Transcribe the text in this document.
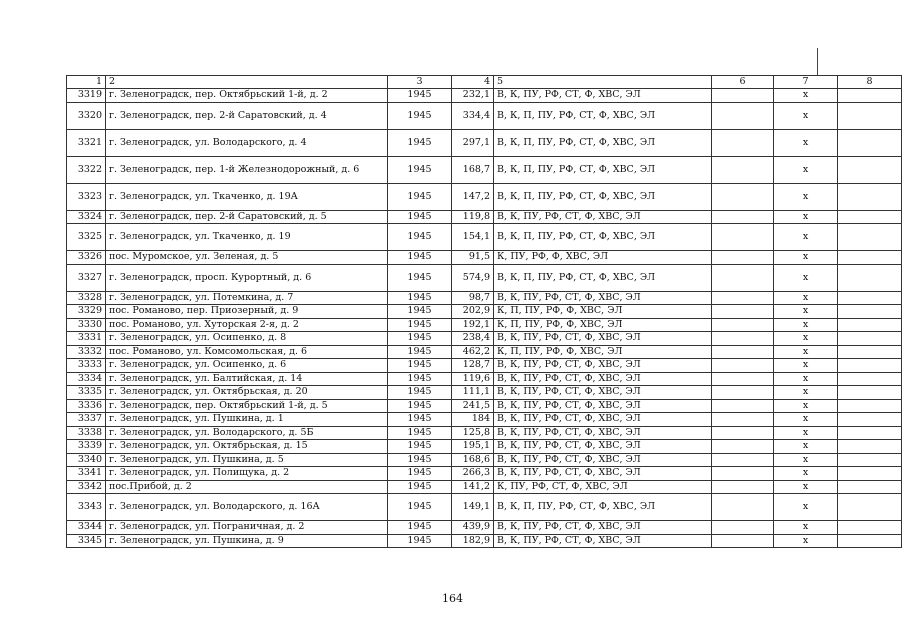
1	2	3	4	5	6	7	8
3319	г. Зеленоградск, пер. Октябрьский 1-й, д. 2	1945	232,1	В, К, ПУ, РФ, СТ, Ф, ХВС, ЭЛ		х	
3320	г. Зеленоградск, пер. 2-й Саратовский, д. 4	1945	334,4	В, К, П, ПУ, РФ, СТ, Ф, ХВС, ЭЛ		х	
3321	г. Зеленоградск, ул. Володарского, д. 4	1945	297,1	В, К, П, ПУ, РФ, СТ, Ф, ХВС, ЭЛ		х	
3322	г. Зеленоградск, пер. 1-й Железнодорожный, д. 6	1945	168,7	В, К, П, ПУ, РФ, СТ, Ф, ХВС, ЭЛ		х	
3323	г. Зеленоградск, ул. Ткаченко, д. 19А	1945	147,2	В, К, П, ПУ, РФ, СТ, Ф, ХВС, ЭЛ		х	
3324	г. Зеленоградск, пер. 2-й Саратовский, д. 5	1945	119,8	В, К, ПУ, РФ, СТ, Ф, ХВС, ЭЛ		х	
3325	г. Зеленоградск, ул. Ткаченко, д. 19	1945	154,1	В, К, П, ПУ, РФ, СТ, Ф, ХВС, ЭЛ		х	
3326	пос. Муромское, ул. Зеленая, д. 5	1945	91,5	К, ПУ, РФ, Ф, ХВС, ЭЛ		х	
3327	г. Зеленоградск, просп. Курортный, д. 6	1945	574,9	В, К, П, ПУ, РФ, СТ, Ф, ХВС, ЭЛ		х	
3328	г. Зеленоградск, ул. Потемкина, д. 7	1945	98,7	В, К, ПУ, РФ, СТ, Ф, ХВС, ЭЛ		х	
3329	пос. Романово, пер. Приозерный, д. 9	1945	202,9	К, П, ПУ, РФ, Ф, ХВС, ЭЛ		х	
3330	пос. Романово, ул. Хуторская 2-я, д. 2	1945	192,1	К, П, ПУ, РФ, Ф, ХВС, ЭЛ		х	
3331	г. Зеленоградск, ул. Осипенко, д. 8	1945	238,4	В, К, ПУ, РФ, СТ, Ф, ХВС, ЭЛ		х	
3332	пос. Романово, ул. Комсомольская, д. 6	1945	462,2	К, П, ПУ, РФ, Ф, ХВС, ЭЛ		х	
3333	г. Зеленоградск, ул. Осипенко, д. 6	1945	128,7	В, К, ПУ, РФ, СТ, Ф, ХВС, ЭЛ		х	
3334	г. Зеленоградск, ул. Балтийская, д. 14	1945	119,6	В, К, ПУ, РФ, СТ, Ф, ХВС, ЭЛ		х	
3335	г. Зеленоградск, ул. Октябрьская, д. 20	1945	111,1	В, К, ПУ, РФ, СТ, Ф, ХВС, ЭЛ		х	
3336	г. Зеленоградск, пер. Октябрьский 1-й, д. 5	1945	241,5	В, К, ПУ, РФ, СТ, Ф, ХВС, ЭЛ		х	
3337	г. Зеленоградск, ул. Пушкина, д. 1	1945	184	В, К, ПУ, РФ, СТ, Ф, ХВС, ЭЛ		х	
3338	г. Зеленоградск, ул. Володарского, д. 5Б	1945	125,8	В, К, ПУ, РФ, СТ, Ф, ХВС, ЭЛ		х	
3339	г. Зеленоградск, ул. Октябрьская, д. 15	1945	195,1	В, К, ПУ, РФ, СТ, Ф, ХВС, ЭЛ		х	
3340	г. Зеленоградск, ул. Пушкина, д. 5	1945	168,6	В, К, ПУ, РФ, СТ, Ф, ХВС, ЭЛ		х	
3341	г. Зеленоградск, ул. Полищука, д. 2	1945	266,3	В, К, ПУ, РФ, СТ, Ф, ХВС, ЭЛ		х	
3342	пос.Прибой, д. 2	1945	141,2	К, ПУ, РФ, СТ, Ф, ХВС, ЭЛ		х	
3343	г. Зеленоградск, ул. Володарского, д. 16А	1945	149,1	В, К, П, ПУ, РФ, СТ, Ф, ХВС, ЭЛ		х	
3344	г. Зеленоградск, ул. Пограничная, д. 2	1945	439,9	В, К, ПУ, РФ, СТ, Ф, ХВС, ЭЛ		х	
3345	г. Зеленоградск, ул. Пушкина, д. 9	1945	182,9	В, К, ПУ, РФ, СТ, Ф, ХВС, ЭЛ		х	
164
